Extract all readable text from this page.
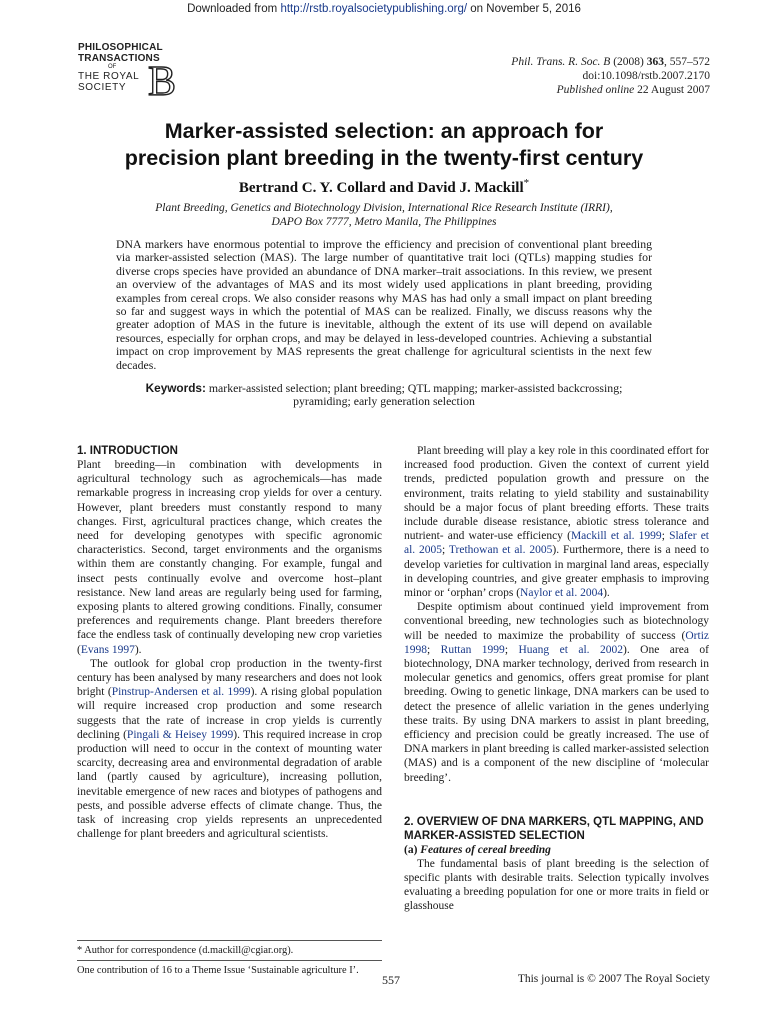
Downloaded from http://rstb.royalsocietypublishing.org/ on November 5, 2016
PHILOSOPHICAL
TRANSACTIONS
OF
THE ROYAL
SOCIETY B	Phil. Trans. R. Soc. B (2008) 363, 557–572
doi:10.1098/rstb.2007.2170
Published online 22 August 2007
Marker-assisted selection: an approach for
precision plant breeding in the twenty-first century
Bertrand C. Y. Collard and David J. Mackill*
Plant Breeding, Genetics and Biotechnology Division, International Rice Research Institute (IRRI),
DAPO Box 7777, Metro Manila, The Philippines

DNA markers have enormous potential to improve the efficiency and precision of conventional plant breeding via marker-assisted selection (MAS). The large number of quantitative trait loci (QTLs) mapping studies for diverse crops species have provided an abundance of DNA marker–trait associations. In this review, we present an overview of the advantages of MAS and its most widely used applications in plant breeding, providing examples from cereal crops. We also consider reasons why MAS has had only a small impact on plant breeding so far and suggest ways in which the potential of MAS can be realized. Finally, we discuss reasons why the greater adoption of MAS in the future is inevitable, although the extent of its use will depend on available resources, especially for orphan crops, and may be delayed in less-developed countries. Achieving a substantial impact on crop improvement by MAS represents the great challenge for agricultural scientists in the next few decades.

Keywords: marker-assisted selection; plant breeding; QTL mapping; marker-assisted backcrossing; pyramiding; early generation selection
1. INTRODUCTION

Plant breeding—in combination with developments in agricultural technology such as agrochemicals—has made remarkable progress in increasing crop yields for over a century. However, plant breeders must constantly respond to many changes. First, agricultural practices change, which creates the need for developing genotypes with specific agronomic characteristics. Second, target environments and the organisms within them are constantly changing. For example, fungal and insect pests continually evolve and overcome host–plant resistance. New land areas are regularly being used for farming, exposing plants to altered growing conditions. Finally, consumer preferences and requirements change. Plant breeders therefore face the endless task of continually developing new crop varieties (Evans 1997).

The outlook for global crop production in the twenty-first century has been analysed by many researchers and does not look bright (Pinstrup-Andersen et al. 1999). A rising global population will require increased crop production and some research suggests that the rate of increase in crop yields is currently declining (Pingali & Heisey 1999). This required increase in crop production will need to occur in the context of mounting water scarcity, decreasing area and environmental degradation of arable land (partly caused by agriculture), increasing pollution, inevitable emergence of new races and biotypes of pathogens and pests, and possible adverse effects of climate change. Thus, the task of increasing crop yields represents an unprecedented challenge for plant breeders and agricultural scientists.

* Author for correspondence (d.mackill@cgiar.org).
One contribution of 16 to a Theme Issue ‘Sustainable agriculture I’.

Plant breeding will play a key role in this coordinated effort for increased food production. Given the context of current yield trends, predicted population growth and pressure on the environment, traits relating to yield stability and sustainability should be a major focus of plant breeding efforts. These traits include durable disease resistance, abiotic stress tolerance and nutrient- and water-use efficiency (Mackill et al. 1999; Slafer et al. 2005; Trethowan et al. 2005). Furthermore, there is a need to develop varieties for cultivation in marginal land areas, especially in developing countries, and give greater emphasis to improving minor or ‘orphan’ crops (Naylor et al. 2004).

Despite optimism about continued yield improvement from conventional breeding, new technologies such as biotechnology will be needed to maximize the probability of success (Ortiz 1998; Ruttan 1999; Huang et al. 2002). One area of biotechnology, DNA marker technology, derived from research in molecular genetics and genomics, offers great promise for plant breeding. Owing to genetic linkage, DNA markers can be used to detect the presence of allelic variation in the genes underlying these traits. By using DNA markers to assist in plant breeding, efficiency and precision could be greatly increased. The use of DNA markers in plant breeding is called marker-assisted selection (MAS) and is a component of the new discipline of ‘molecular breeding’.

2. OVERVIEW OF DNA MARKERS, QTL MAPPING, AND MARKER-ASSISTED SELECTION
(a) Features of cereal breeding

The fundamental basis of plant breeding is the selection of specific plants with desirable traits. Selection typically involves evaluating a breeding population for one or more traits in field or glasshouse

557	This journal is © 2007 The Royal Society
